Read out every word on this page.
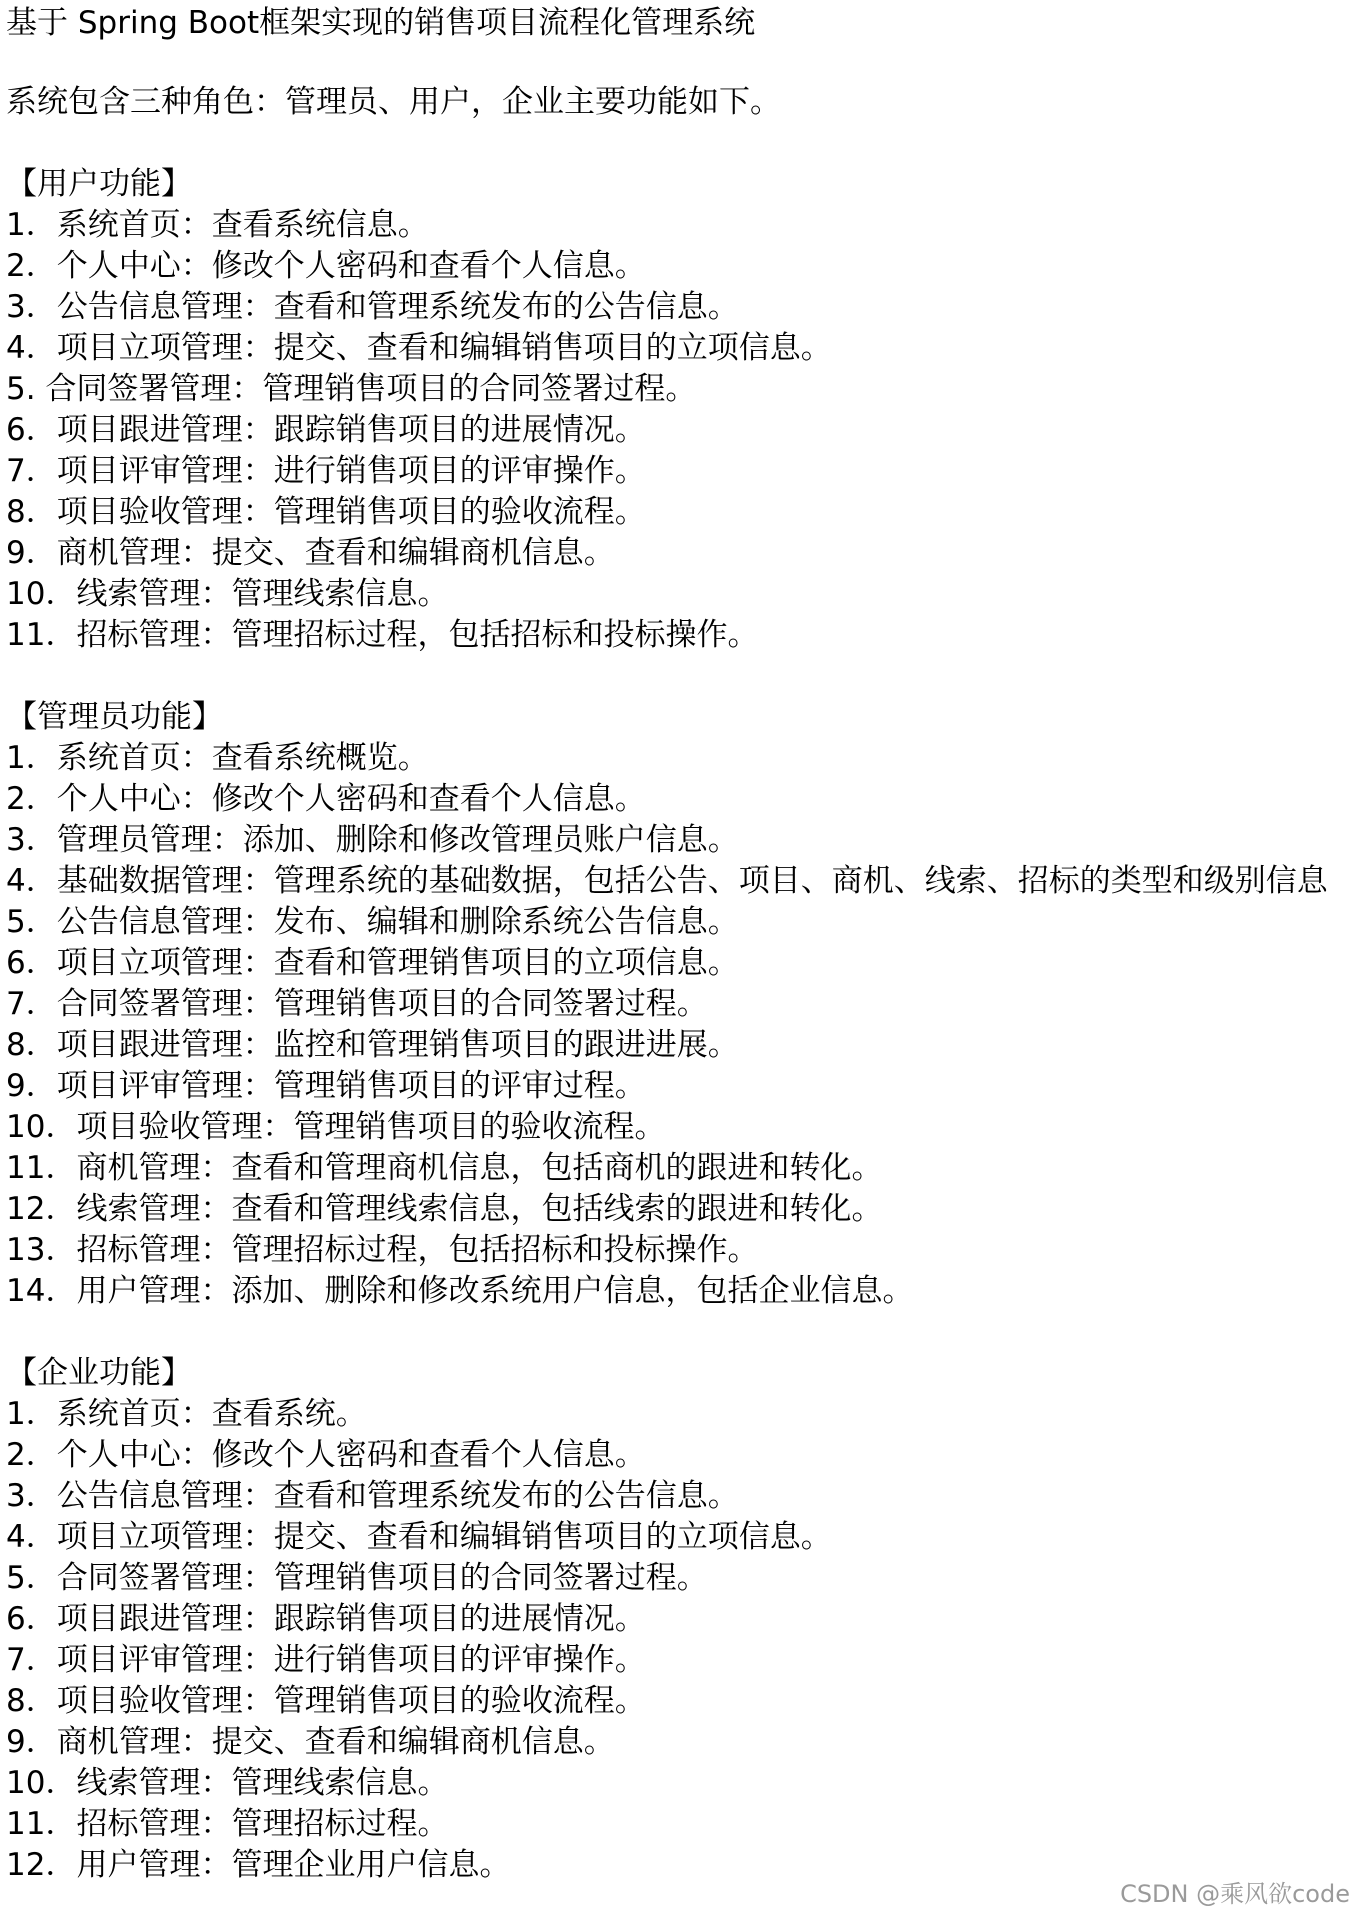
基于 Spring Boot框架实现的销售项目流程化管理系统
系统包含三种角色：管理员、用户，企业主要功能如下。
【用户功能】
1．系统首页：查看系统信息。
2．个人中心：修改个人密码和查看个人信息。
3．公告信息管理：查看和管理系统发布的公告信息。
4．项目立项管理：提交、查看和编辑销售项目的立项信息。
5. 合同签署管理：管理销售项目的合同签署过程。
6．项目跟进管理：跟踪销售项目的进展情况。
7．项目评审管理：进行销售项目的评审操作。
8．项目验收管理：管理销售项目的验收流程。
9．商机管理：提交、查看和编辑商机信息。
10．线索管理：管理线索信息。
11．招标管理：管理招标过程，包括招标和投标操作。
【管理员功能】
1．系统首页：查看系统概览。
2．个人中心：修改个人密码和查看个人信息。
3．管理员管理：添加、删除和修改管理员账户信息。
4．基础数据管理：管理系统的基础数据，包括公告、项目、商机、线索、招标的类型和级别信息
5．公告信息管理：发布、编辑和删除系统公告信息。
6．项目立项管理：查看和管理销售项目的立项信息。
7．合同签署管理：管理销售项目的合同签署过程。
8．项目跟进管理：监控和管理销售项目的跟进进展。
9．项目评审管理：管理销售项目的评审过程。
10．项目验收管理：管理销售项目的验收流程。
11．商机管理：查看和管理商机信息，包括商机的跟进和转化。
12．线索管理：查看和管理线索信息，包括线索的跟进和转化。
13．招标管理：管理招标过程，包括招标和投标操作。
14．用户管理：添加、删除和修改系统用户信息，包括企业信息。
【企业功能】
1．系统首页：查看系统。
2．个人中心：修改个人密码和查看个人信息。
3．公告信息管理：查看和管理系统发布的公告信息。
4．项目立项管理：提交、查看和编辑销售项目的立项信息。
5．合同签署管理：管理销售项目的合同签署过程。
6．项目跟进管理：跟踪销售项目的进展情况。
7．项目评审管理：进行销售项目的评审操作。
8．项目验收管理：管理销售项目的验收流程。
9．商机管理：提交、查看和编辑商机信息。
10．线索管理：管理线索信息。
11．招标管理：管理招标过程。
12．用户管理：管理企业用户信息。
CSDN @乘风欲code
